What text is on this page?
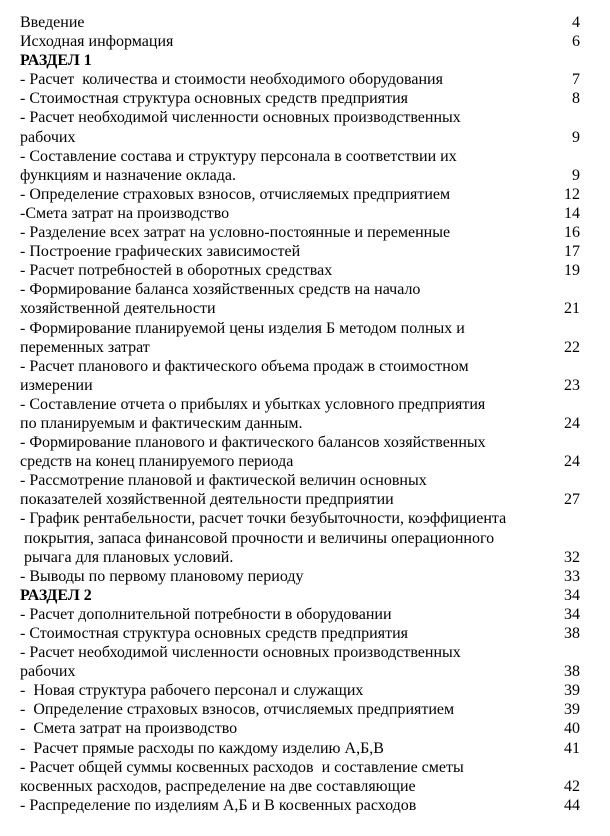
Введение	4
Исходная информация	6
РАЗДЕЛ 1
- Расчет  количества и стоимости необходимого оборудования	7
- Стоимостная структура основных средств предприятия	8
- Расчет необходимой численности основных производственных
рабочих	9
- Составление состава и структуру персонала в соответствии их
функциям и назначение оклада.	9
- Определение страховых взносов, отчисляемых предприятием	12
-Смета затрат на производство	14
- Разделение всех затрат на условно-постоянные и переменные	16
- Построение графических зависимостей	17
- Расчет потребностей в оборотных средствах	19
- Формирование баланса хозяйственных средств на начало
хозяйственной деятельности	21
- Формирование планируемой цены изделия Б методом полных и
переменных затрат	22
- Расчет планового и фактического объема продаж в стоимостном
измерении	23
- Составление отчета о прибылях и убытках условного предприятия
по планируемым и фактическим данным.	24
- Формирование планового и фактического балансов хозяйственных
средств на конец планируемого периода	24
- Рассмотрение плановой и фактической величин основных
показателей хозяйственной деятельности предприятии	27
- График рентабельности, расчет точки безубыточности, коэффициента
покрытия, запаса финансовой прочности и величины операционного
рычага для плановых условий.	32
- Выводы по первому плановому периоду	33
РАЗДЕЛ 2	34
- Расчет дополнительной потребности в оборудовании	34
- Стоимостная структура основных средств предприятия	38
- Расчет необходимой численности основных производственных
рабочих	38
-  Новая структура рабочего персонал и служащих	39
-  Определение страховых взносов, отчисляемых предприятием	39
-  Смета затрат на производство	40
-  Расчет прямые расходы по каждому изделию А,Б,В	41
- Расчет общей суммы косвенных расходов  и составление сметы
косвенных расходов, распределение на две составляющие	42
- Распределение по изделиям А,Б и В косвенных расходов	44
